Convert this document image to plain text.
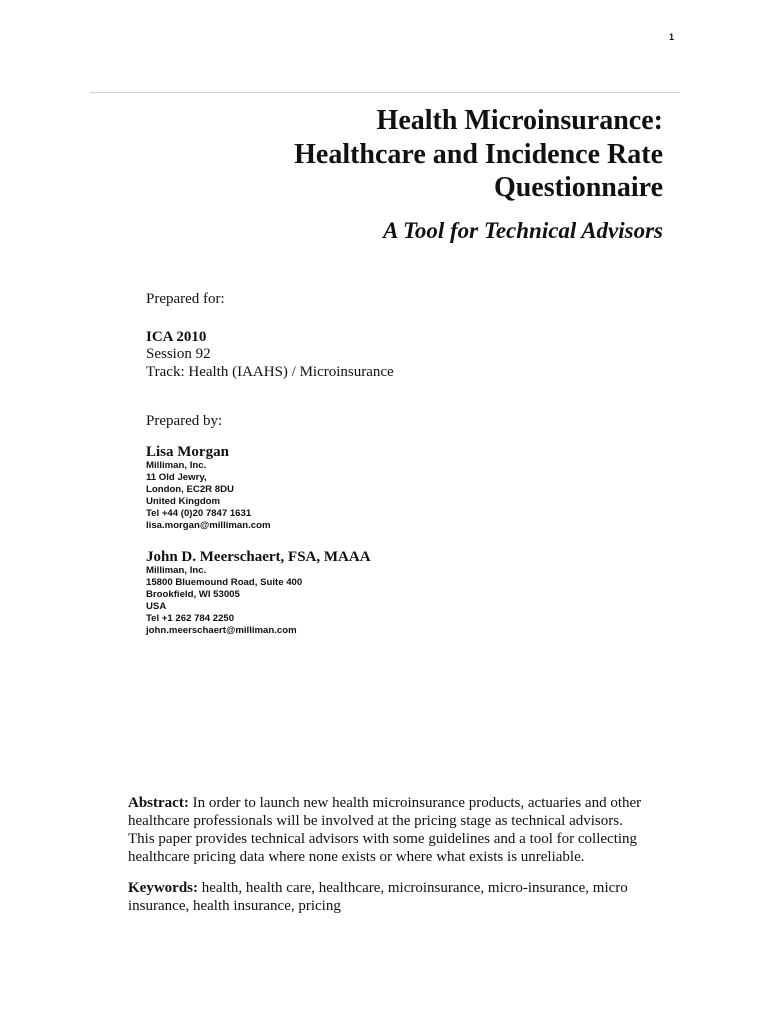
1
Health Microinsurance:
Healthcare and Incidence Rate
Questionnaire
A Tool for Technical Advisors
Prepared for:
ICA 2010
Session 92
Track: Health (IAAHS) / Microinsurance
Prepared by:
Lisa Morgan
Milliman, Inc.
11 Old Jewry,
London, EC2R 8DU
United Kingdom
Tel +44 (0)20 7847 1631
lisa.morgan@milliman.com
John D. Meerschaert, FSA, MAAA
Milliman, Inc.
15800 Bluemound Road, Suite 400
Brookfield, WI 53005
USA
Tel +1 262 784 2250
john.meerschaert@milliman.com
Abstract: In order to launch new health microinsurance products, actuaries and other
healthcare professionals will be involved at the pricing stage as technical advisors.
This paper provides technical advisors with some guidelines and a tool for collecting
healthcare pricing data where none exists or where what exists is unreliable.
Keywords: health, health care, healthcare, microinsurance, micro-insurance, micro
insurance, health insurance, pricing
